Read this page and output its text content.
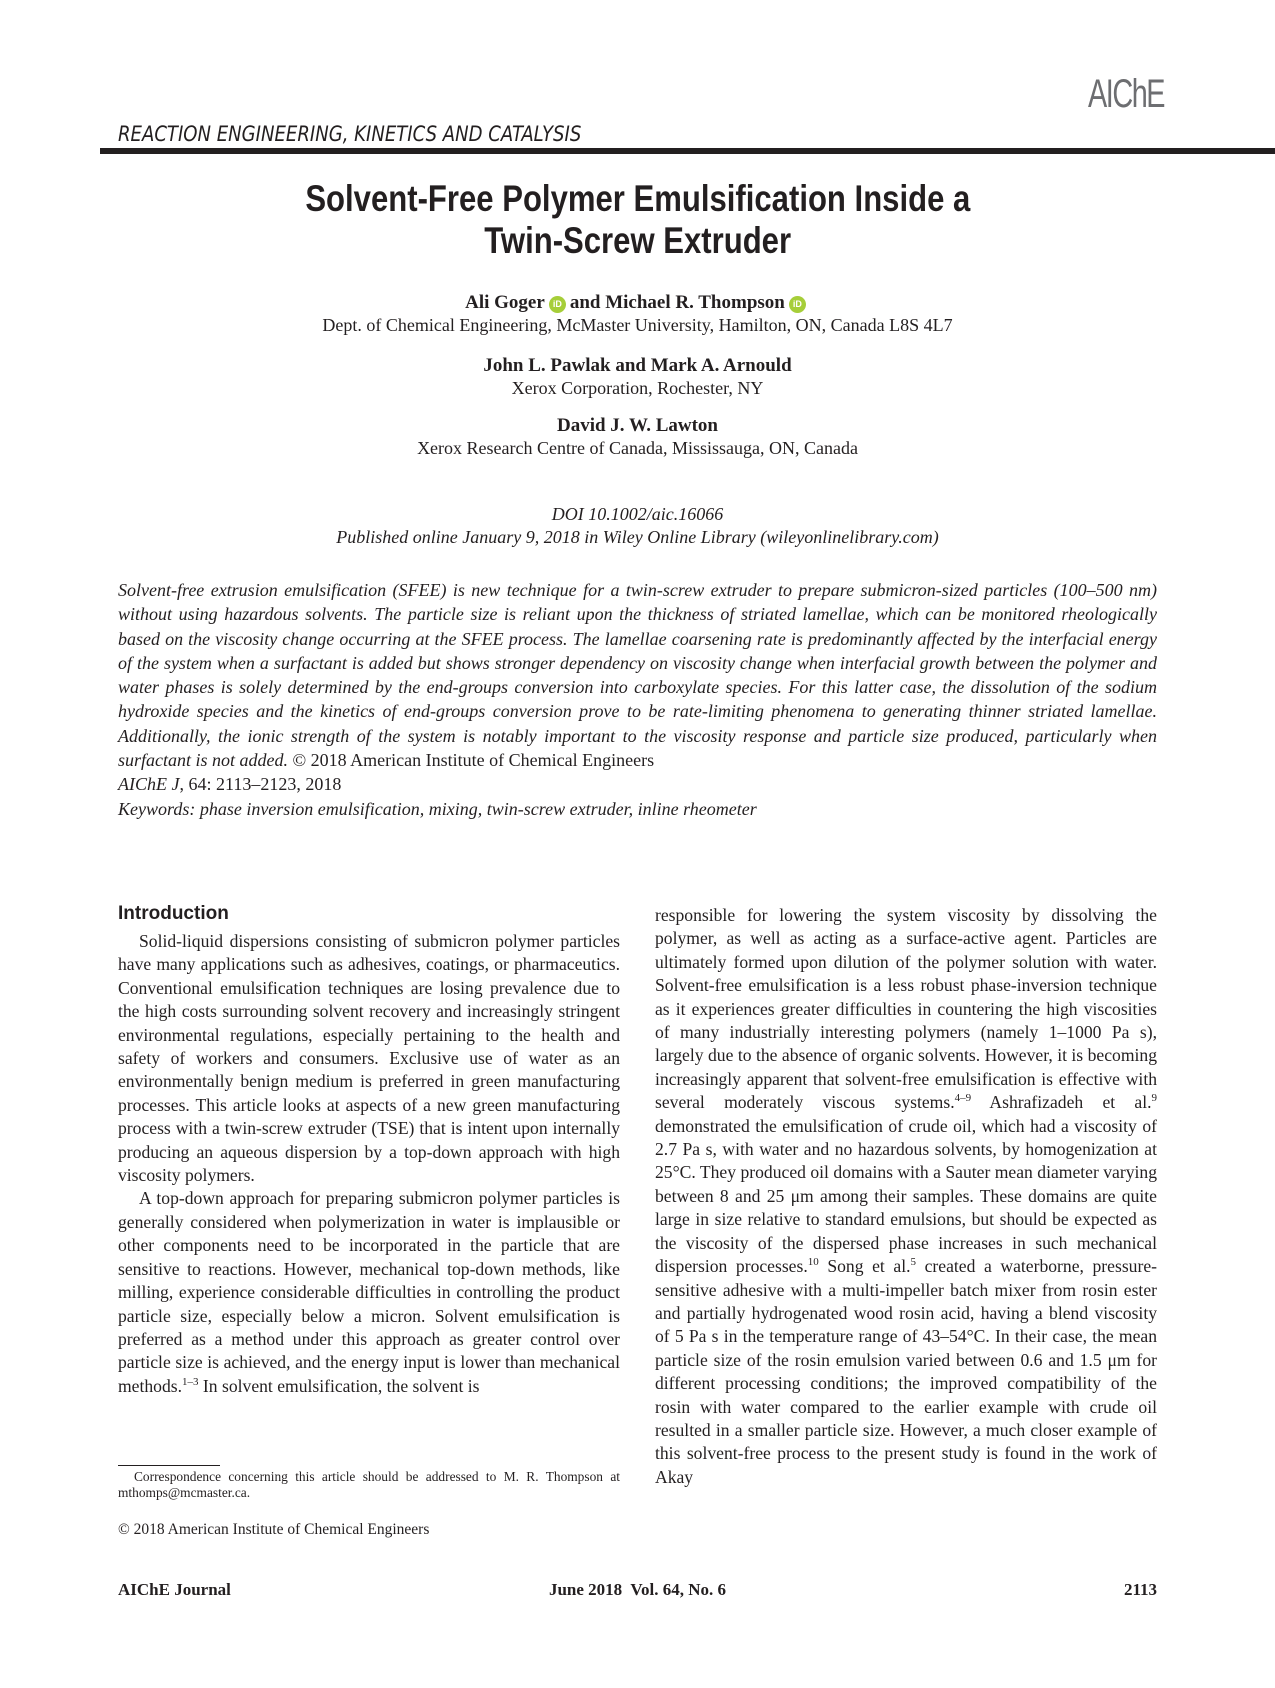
AIChE
REACTION ENGINEERING, KINETICS AND CATALYSIS
Solvent-Free Polymer Emulsification Inside a
Twin-Screw Extruder
Ali Goger iD and Michael R. Thompson iD
Dept. of Chemical Engineering, McMaster University, Hamilton, ON, Canada L8S 4L7
John L. Pawlak and Mark A. Arnould
Xerox Corporation, Rochester, NY
David J. W. Lawton
Xerox Research Centre of Canada, Mississauga, ON, Canada
DOI 10.1002/aic.16066
Published online January 9, 2018 in Wiley Online Library (wileyonlinelibrary.com)
Solvent-free extrusion emulsification (SFEE) is new technique for a twin-screw extruder to prepare submicron-sized particles (100–500 nm) without using hazardous solvents. The particle size is reliant upon the thickness of striated lamellae, which can be monitored rheologically based on the viscosity change occurring at the SFEE process. The lamellae coarsening rate is predominantly affected by the interfacial energy of the system when a surfactant is added but shows stronger dependency on viscosity change when interfacial growth between the polymer and water phases is solely determined by the end-groups conversion into carboxylate species. For this latter case, the dissolution of the sodium hydroxide species and the kinetics of end-groups conversion prove to be rate-limiting phenomena to generating thinner striated lamellae. Additionally, the ionic strength of the system is notably important to the viscosity response and particle size produced, particularly when surfactant is not added. © 2018 American Institute of Chemical Engineers
AIChE J, 64: 2113–2123, 2018
Keywords: phase inversion emulsification, mixing, twin-screw extruder, inline rheometer
Introduction

Solid-liquid dispersions consisting of submicron polymer particles have many applications such as adhesives, coatings, or pharmaceutics. Conventional emulsification techniques are losing prevalence due to the high costs surrounding solvent recovery and increasingly stringent environmental regulations, especially pertaining to the health and safety of workers and consumers. Exclusive use of water as an environmentally benign medium is preferred in green manufacturing processes. This article looks at aspects of a new green manufacturing process with a twin-screw extruder (TSE) that is intent upon internally producing an aqueous dispersion by a top-down approach with high viscosity polymers.

A top-down approach for preparing submicron polymer particles is generally considered when polymerization in water is implausible or other components need to be incorporated in the particle that are sensitive to reactions. However, mechanical top-down methods, like milling, experience considerable difficulties in controlling the product particle size, especially below a micron. Solvent emulsification is preferred as a method under this approach as greater control over particle size is achieved, and the energy input is lower than mechanical methods.$^{1-3}$ In solvent emulsification, the solvent is

responsible for lowering the system viscosity by dissolving the polymer, as well as acting as a surface-active agent. Particles are ultimately formed upon dilution of the polymer solution with water. Solvent-free emulsification is a less robust phase-inversion technique as it experiences greater difficulties in countering the high viscosities of many industrially interesting polymers (namely 1–1000 Pa s), largely due to the absence of organic solvents. However, it is becoming increasingly apparent that solvent-free emulsification is effective with several moderately viscous systems.$^{4-9}$ Ashrafizadeh et al.$^9$ demonstrated the emulsification of crude oil, which had a viscosity of 2.7 Pa s, with water and no hazardous solvents, by homogenization at 25°C. They produced oil domains with a Sauter mean diameter varying between 8 and 25 μm among their samples. These domains are quite large in size relative to standard emulsions, but should be expected as the viscosity of the dispersed phase increases in such mechanical dispersion processes.$^{10}$ Song et al.$^5$ created a waterborne, pressure-sensitive adhesive with a multi-impeller batch mixer from rosin ester and partially hydrogenated wood rosin acid, having a blend viscosity of 5 Pa s in the temperature range of 43–54°C. In their case, the mean particle size of the rosin emulsion varied between 0.6 and 1.5 μm for different processing conditions; the improved compatibility of the rosin with water compared to the earlier example with crude oil resulted in a smaller particle size. However, a much closer example of this solvent-free process to the present study is found in the work of Akay

Correspondence concerning this article should be addressed to M. R. Thompson at mthomps@mcmaster.ca.
© 2018 American Institute of Chemical Engineers
AIChE Journal	June 2018  Vol. 64, No. 6	2113
